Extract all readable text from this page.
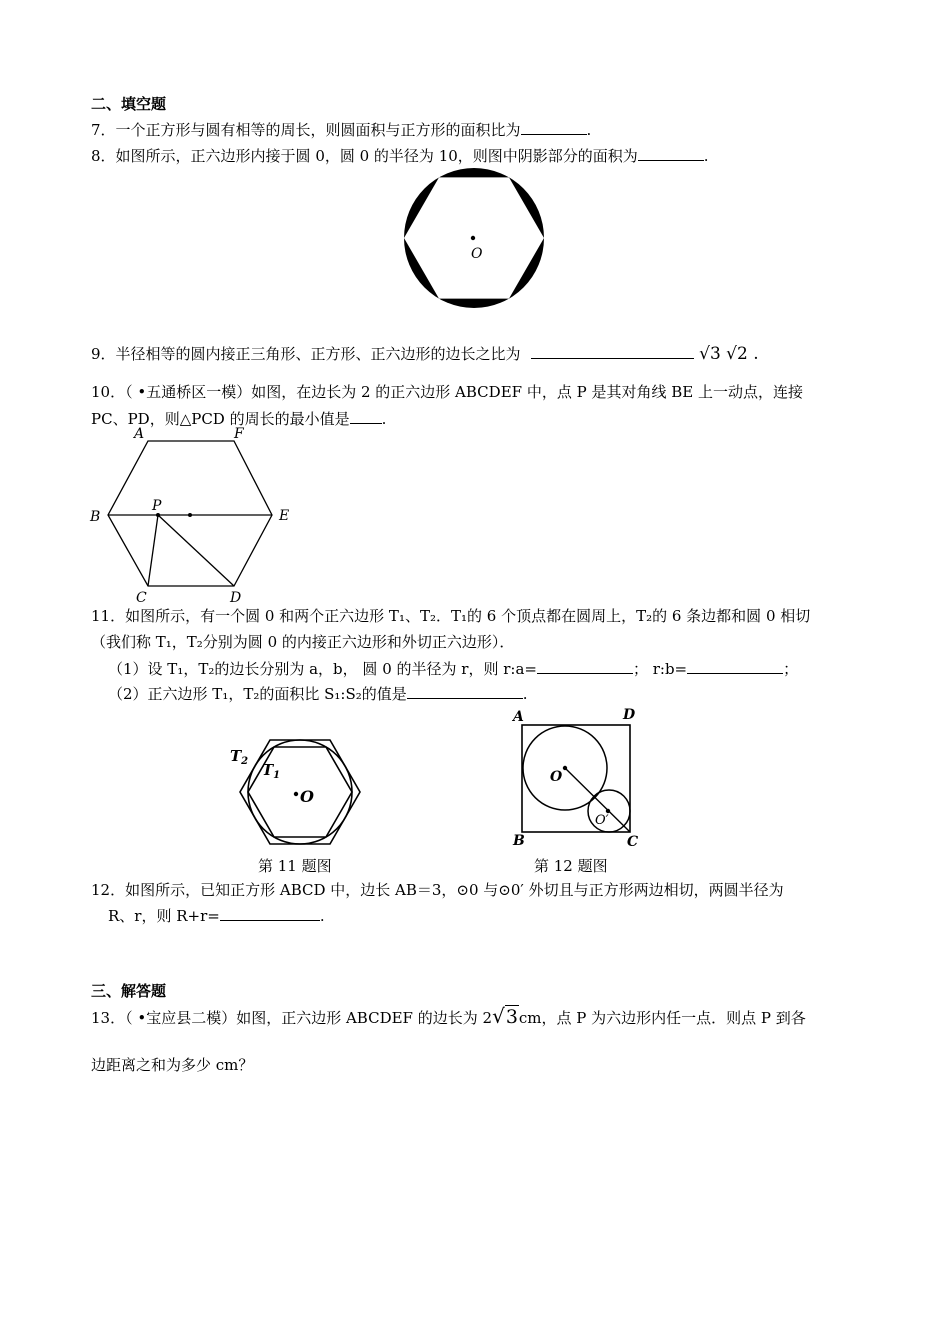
二、填空题
7．一个正方形与圆有相等的周长，则圆面积与正方形的面积比为	.
8．如图所示，正六边形内接于圆 0，圆 0 的半径为 10，则图中阴影部分的面积为	.
O
9．半径相等的圆内接正三角形、正方形、正六边形的边长之比为	√3 √2 .
10．（ •五通桥区一模）如图，在边长为 2 的正六边形 ABCDEF 中，点 P 是其对角线 BE 上一动点，连接
PC、PD，则△PCD 的周长的最小值是 .
A	F
B	E
P
C	D
11．如图所示，有一个圆 0 和两个正六边形 T₁、T₂．T₁的 6 个顶点都在圆周上，T₂的 6 条边都和圆 0 相切
（我们称 T₁，T₂分别为圆 0 的内接正六边形和外切正六边形）．
（1）设 T₁，T₂的边长分别为 a，b， 圆 0 的半径为 r，则 r:a=	； r:b=	；
（2）正六边形 T₁，T₂的面积比 S₁:S₂的值是	.
O
$T_2$ $T_1$
第 11 题图
A	D
B	C
O
O′
第 12 题图
12．如图所示，已知正方形 ABCD 中，边长 AB＝3，⊙0 与⊙0′ 外切且与正方形两边相切，两圆半径为
R、r，则 R+r=	.
三、解答题
13．（ •宝应县二模）如图，正六边形 ABCDEF 的边长为 2√3cm，点 P 为六边形内任一点．则点 P 到各
边距离之和为多少 cm？
